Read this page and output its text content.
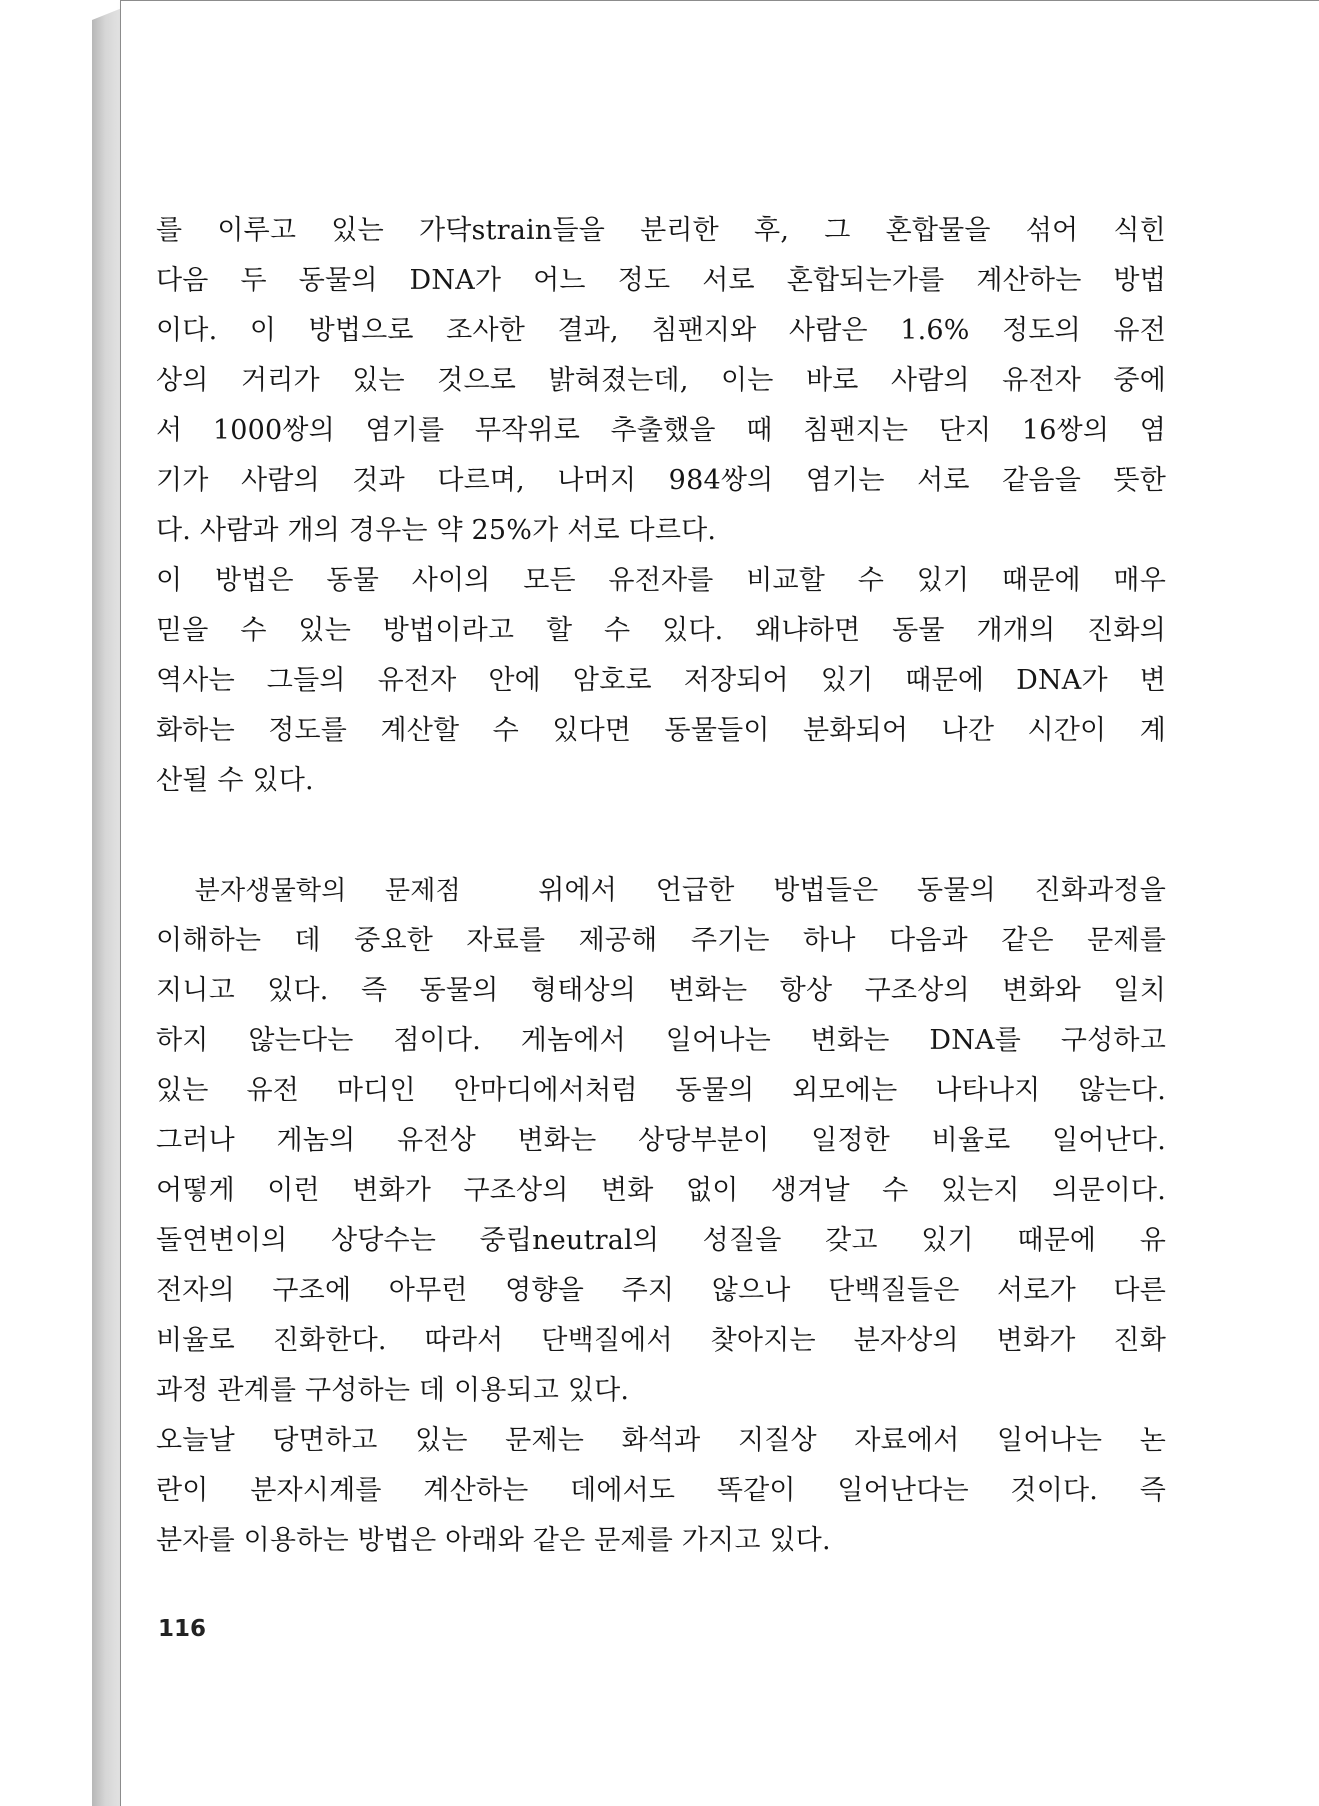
를 이루고 있는 가닥strain들을 분리한 후, 그 혼합물을 섞어 식힌
다음 두 동물의 DNA가 어느 정도 서로 혼합되는가를 계산하는 방법
이다. 이 방법으로 조사한 결과, 침팬지와 사람은 1.6% 정도의 유전
상의 거리가 있는 것으로 밝혀졌는데, 이는 바로 사람의 유전자 중에
서 1000쌍의 염기를 무작위로 추출했을 때 침팬지는 단지 16쌍의 염
기가 사람의 것과 다르며, 나머지 984쌍의 염기는 서로 같음을 뜻한
다. 사람과 개의 경우는 약 25%가 서로 다르다.
이 방법은 동물 사이의 모든 유전자를 비교할 수 있기 때문에 매우
믿을 수 있는 방법이라고 할 수 있다. 왜냐하면 동물 개개의 진화의
역사는 그들의 유전자 안에 암호로 저장되어 있기 때문에 DNA가 변
화하는 정도를 계산할 수 있다면 동물들이 분화되어 나간 시간이 계
산될 수 있다.
분자생물학의 문제점	위에서 언급한 방법들은 동물의 진화과정을
이해하는 데 중요한 자료를 제공해 주기는 하나 다음과 같은 문제를
지니고 있다. 즉 동물의 형태상의 변화는 항상 구조상의 변화와 일치
하지 않는다는 점이다. 게놈에서 일어나는 변화는 DNA를 구성하고
있는 유전 마디인 안마디에서처럼 동물의 외모에는 나타나지 않는다.
그러나 게놈의 유전상 변화는 상당부분이 일정한 비율로 일어난다.
어떻게 이런 변화가 구조상의 변화 없이 생겨날 수 있는지 의문이다.
돌연변이의 상당수는 중립neutral의 성질을 갖고 있기 때문에 유
전자의 구조에 아무런 영향을 주지 않으나 단백질들은 서로가 다른
비율로 진화한다. 따라서 단백질에서 찾아지는 분자상의 변화가 진화
과정 관계를 구성하는 데 이용되고 있다.
오늘날 당면하고 있는 문제는 화석과 지질상 자료에서 일어나는 논
란이 분자시계를 계산하는 데에서도 똑같이 일어난다는 것이다. 즉
분자를 이용하는 방법은 아래와 같은 문제를 가지고 있다.
116
